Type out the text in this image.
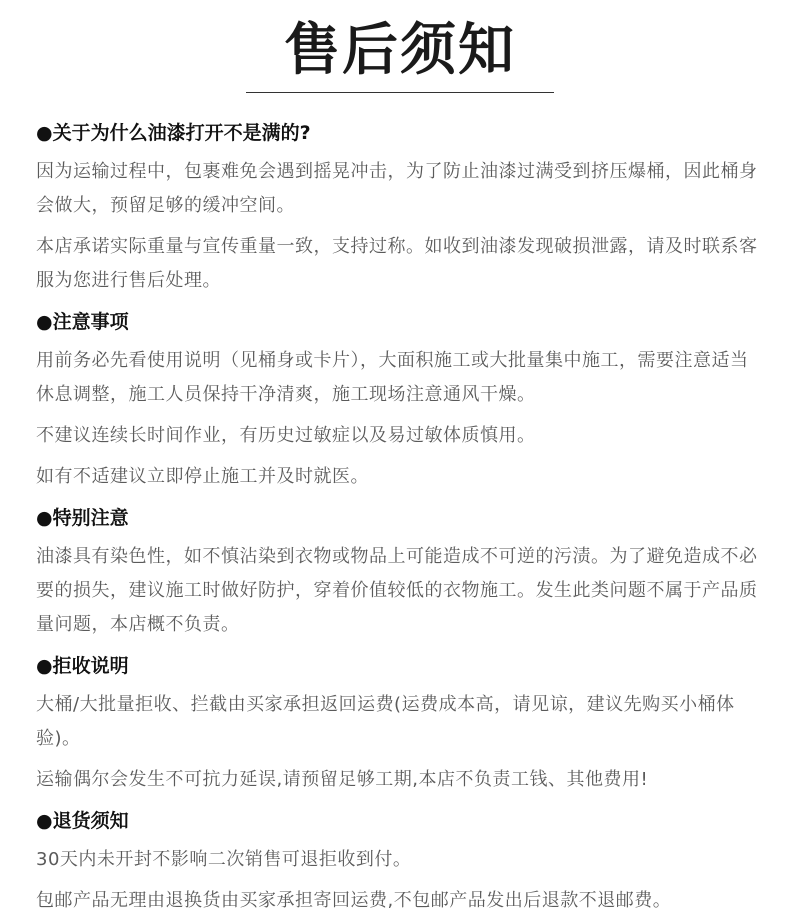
售后须知
●关于为什么油漆打开不是满的?

因为运输过程中，包裹难免会遇到摇晃冲击，为了防止油漆过满受到挤压爆桶，因此桶身会做大，预留足够的缓冲空间。

本店承诺实际重量与宣传重量一致，支持过称。如收到油漆发现破损泄露，请及时联系客服为您进行售后处理。

●注意事项

用前务必先看使用说明（见桶身或卡片），大面积施工或大批量集中施工，需要注意适当休息调整，施工人员保持干净清爽，施工现场注意通风干燥。

不建议连续长时间作业，有历史过敏症以及易过敏体质慎用。

如有不适建议立即停止施工并及时就医。

●特别注意

油漆具有染色性，如不慎沾染到衣物或物品上可能造成不可逆的污渍。为了避免造成不必要的损失，建议施工时做好防护，穿着价值较低的衣物施工。发生此类问题不属于产品质量问题，本店概不负责。

●拒收说明

大桶/大批量拒收、拦截由买家承担返回运费(运费成本高，请见谅，建议先购买小桶体验)。

运输偶尔会发生不可抗力延误,请预留足够工期,本店不负责工钱、其他费用!

●退货须知

30天内未开封不影响二次销售可退拒收到付。

包邮产品无理由退换货由买家承担寄回运费,不包邮产品发出后退款不退邮费。
